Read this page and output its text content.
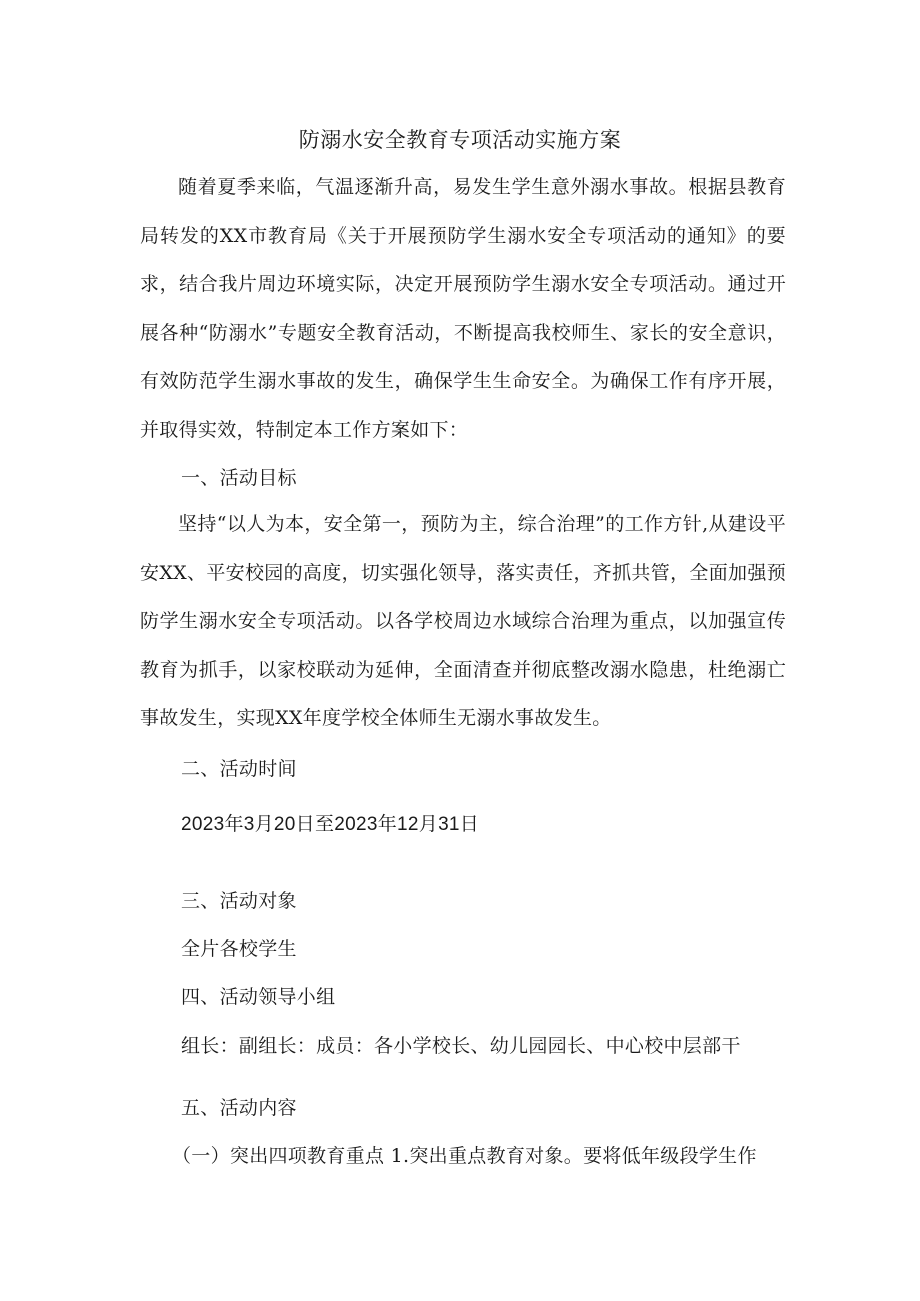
防溺水安全教育专项活动实施方案

随着夏季来临，气温逐渐升高，易发生学生意外溺水事故。根据县教育局转发的XX市教育局《关于开展预防学生溺水安全专项活动的通知》的要求，结合我片周边环境实际，决定开展预防学生溺水安全专项活动。通过开展各种“防溺水”专题安全教育活动，不断提高我校师生、家长的安全意识，有效防范学生溺水事故的发生，确保学生生命安全。为确保工作有序开展，并取得实效，特制定本工作方案如下：

一、活动目标

坚持“以人为本，安全第一，预防为主，综合治理”的工作方针,从建设平安XX、平安校园的高度，切实强化领导，落实责任，齐抓共管，全面加强预防学生溺水安全专项活动。以各学校周边水域综合治理为重点，以加强宣传教育为抓手，以家校联动为延伸，全面清查并彻底整改溺水隐患，杜绝溺亡事故发生，实现XX年度学校全体师生无溺水事故发生。

二、活动时间

2023年3月20日至2023年12月31日

三、活动对象

全片各校学生

四、活动领导小组

组长：副组长：成员：各小学校长、幼儿园园长、中心校中层部干

五、活动内容

（一）突出四项教育重点 1.突出重点教育对象。要将低年级段学生作
